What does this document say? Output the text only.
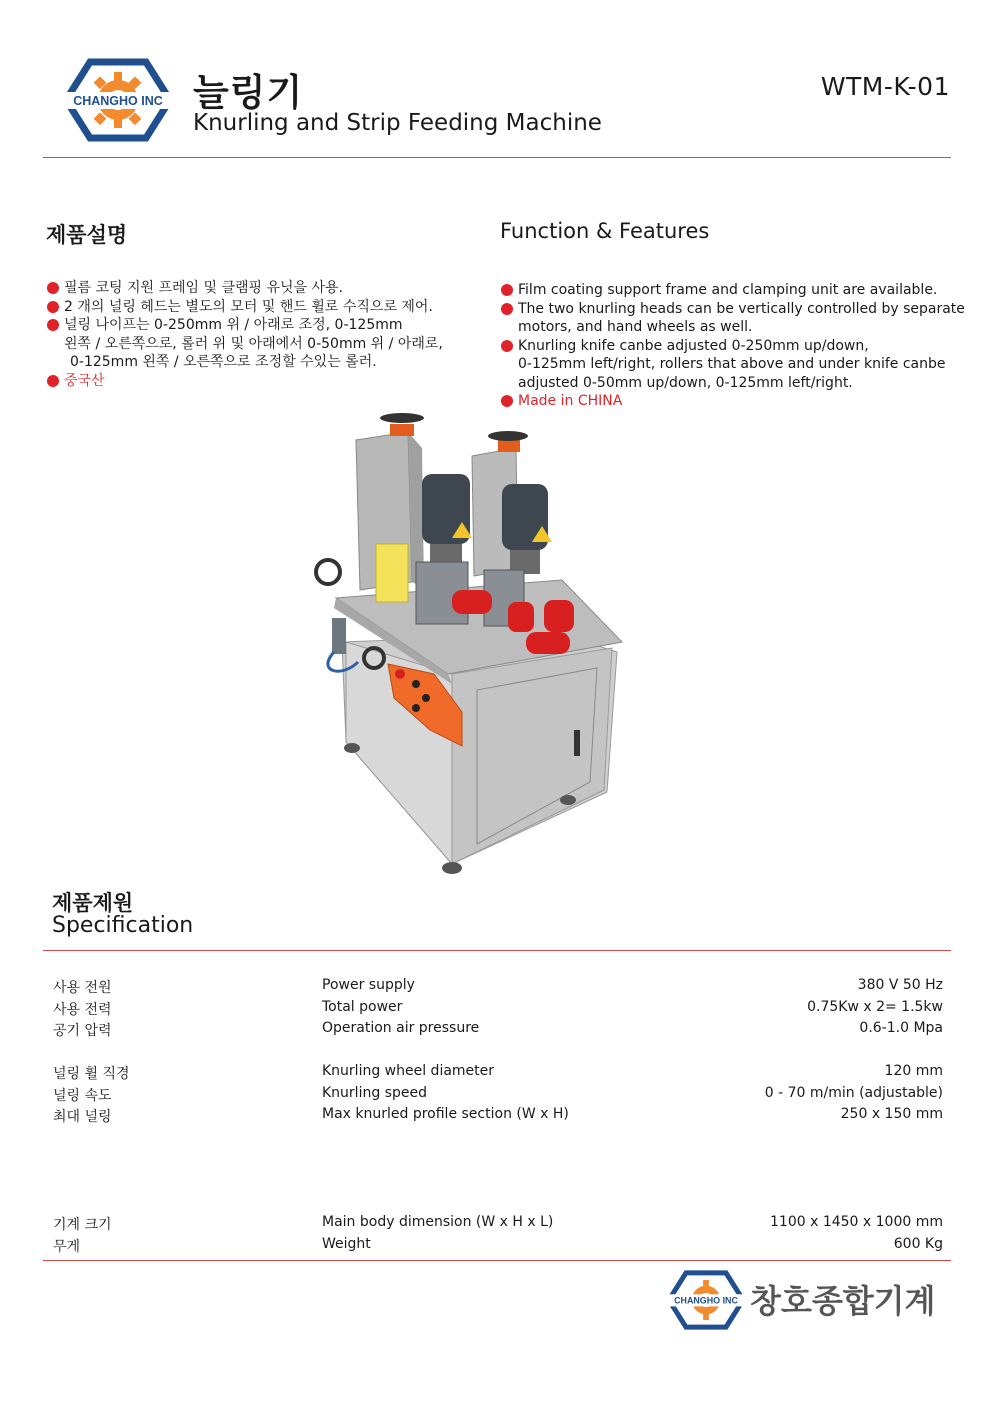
CHANGHO INC 늘링기
Knurling and Strip Feeding Machine
WTM-K-01
제품설명	Function & Features
필름 코팅 지원 프레임 및 클램핑 유닛을 사용.
2 개의 널링 헤드는 별도의 모터 및 핸드 휠로 수직으로 제어.
널링 나이프는 0-250mm 위 / 아래로 조정, 0-125mm
왼쪽 / 오른쪽으로, 롤러 위 및 아래에서 0-50mm 위 / 아래로,
0-125mm 왼쪽 / 오른쪽으로 조정할 수있는 롤러.
중국산
Film coating support frame and clamping unit are available.
The two knurling heads can be vertically controlled by separate
motors, and hand wheels as well.
Knurling knife canbe adjusted 0-250mm up/down,
0-125mm left/right, rollers that above and under knife canbe
adjusted 0-50mm up/down, 0-125mm left/right.
Made in CHINA
제품제원
Specification
사용 전원	Power supply	380 V 50 Hz
사용 전력	Total power	0.75Kw x 2= 1.5kw
공기 압력	Operation air pressure	0.6-1.0 Mpa
널링 휠 직경	Knurling wheel diameter	120 mm
널링 속도	Knurling speed	0 - 70 m/min (adjustable)
최대 널링	Max knurled profile section (W x H)	250 x 150 mm
기계 크기	Main body dimension (W x H x L)	1100 x 1450 x 1000 mm
무게	Weight	600 Kg
CHANGHO INC 창호종합기계
